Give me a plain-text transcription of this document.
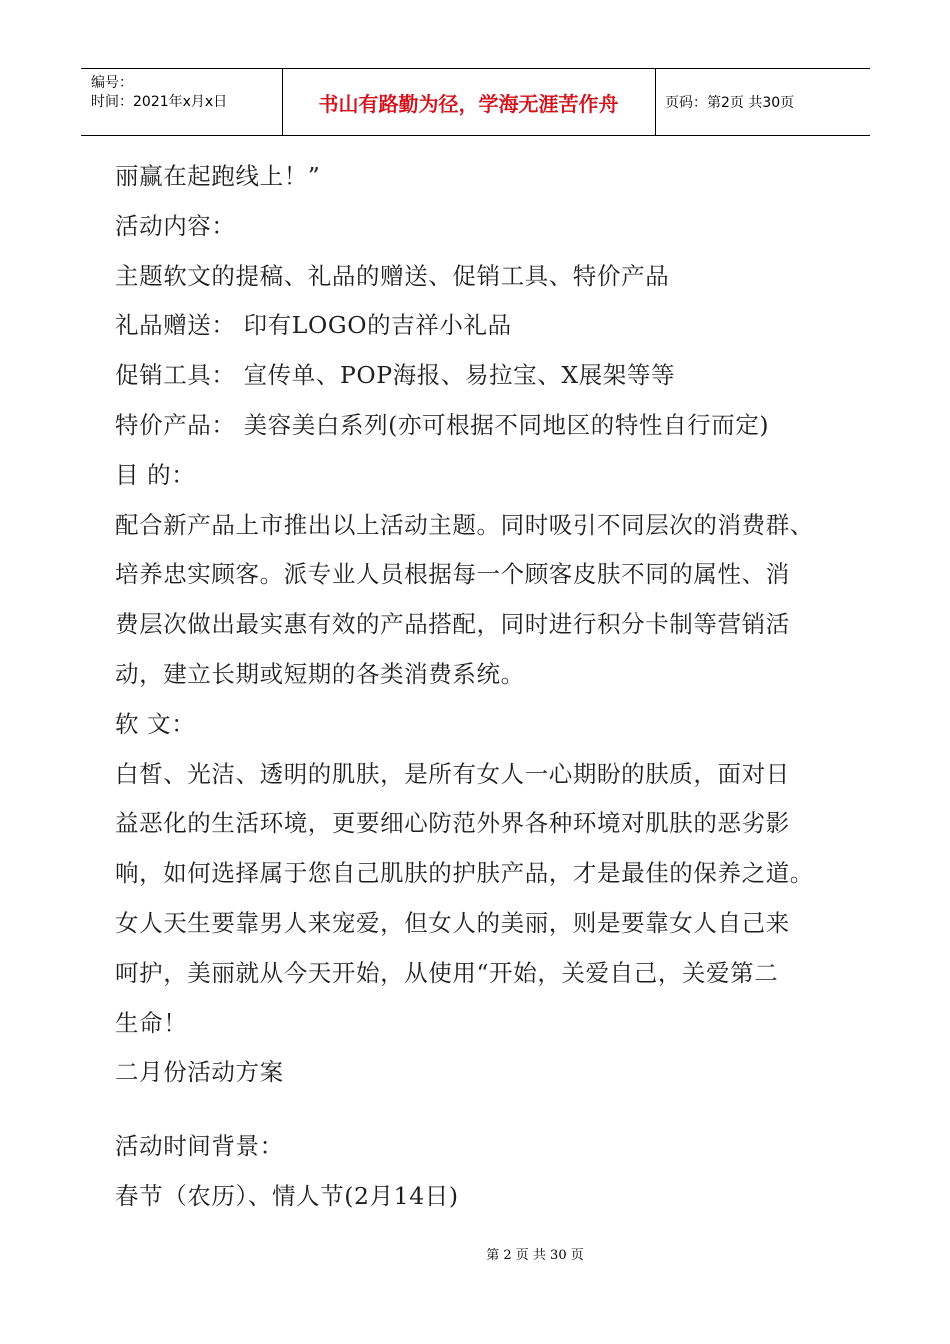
编号：
时间：2021年x月x日	书山有路勤为径，学海无涯苦作舟	页码：第2页 共30页

丽赢在起跑线上！”

活动内容：

主题软文的提稿、礼品的赠送、促销工具、特价产品

礼品赠送： 印有LOGO的吉祥小礼品

促销工具： 宣传单、POP海报、易拉宝、X展架等等

特价产品： 美容美白系列(亦可根据不同地区的特性自行而定)

目 的：

配合新产品上市推出以上活动主题。同时吸引不同层次的消费群、

培养忠实顾客。派专业人员根据每一个顾客皮肤不同的属性、消

费层次做出最实惠有效的产品搭配，同时进行积分卡制等营销活

动，建立长期或短期的各类消费系统。

软 文：

白皙、光洁、透明的肌肤，是所有女人一心期盼的肤质，面对日

益恶化的生活环境，更要细心防范外界各种环境对肌肤的恶劣影

响，如何选择属于您自己肌肤的护肤产品，才是最佳的保养之道。

女人天生要靠男人来宠爱，但女人的美丽，则是要靠女人自己来

呵护，美丽就从今天开始，从使用“开始，关爱自己，关爱第二

生命！

二月份活动方案

活动时间背景：

春节（农历）、情人节(2月14日)

第 2 页 共 30 页
